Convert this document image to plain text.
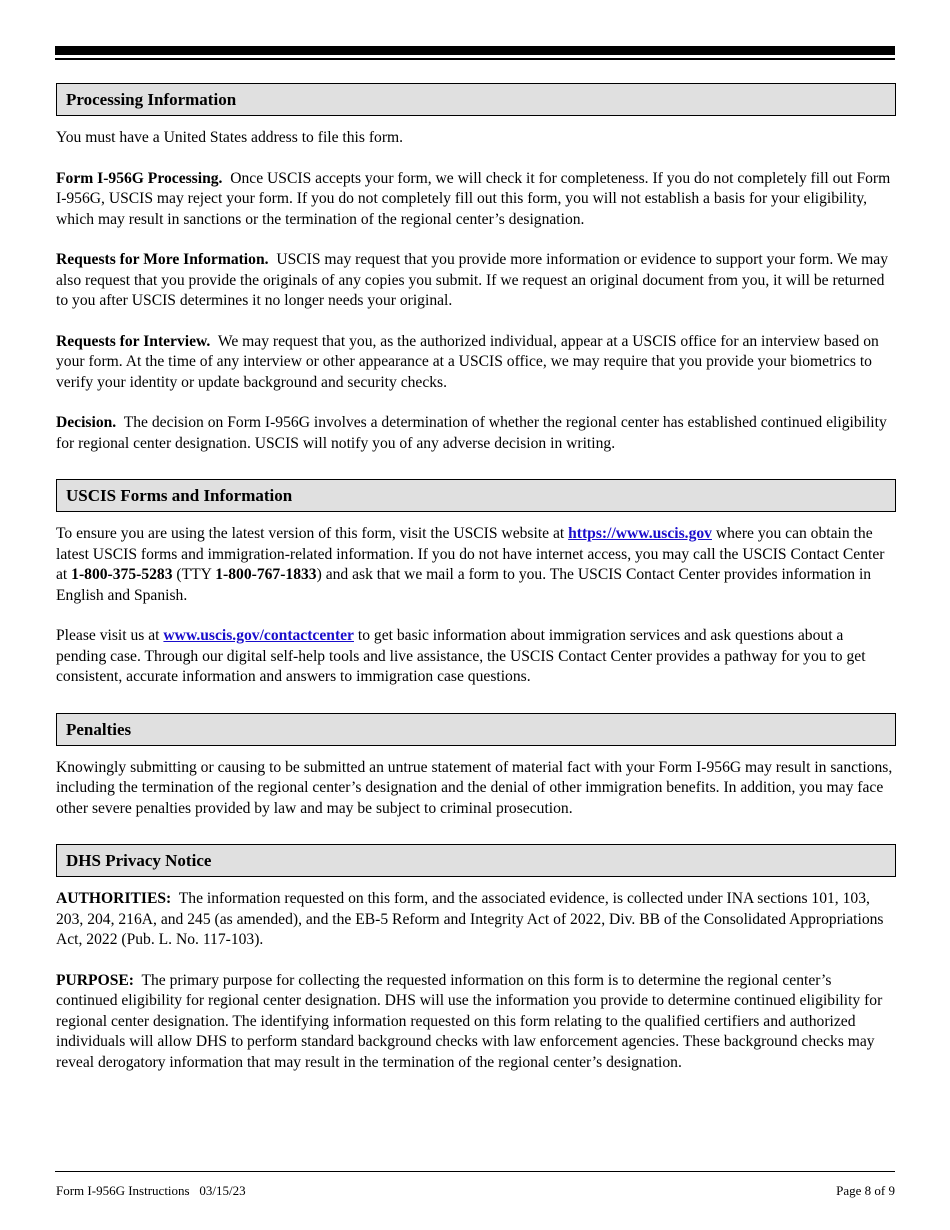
Processing Information

You must have a United States address to file this form.

Form I-956G Processing. Once USCIS accepts your form, we will check it for completeness. If you do not completely fill out Form I-956G, USCIS may reject your form. If you do not completely fill out this form, you will not establish a basis for your eligibility, which may result in sanctions or the termination of the regional center’s designation.

Requests for More Information. USCIS may request that you provide more information or evidence to support your form. We may also request that you provide the originals of any copies you submit. If we request an original document from you, it will be returned to you after USCIS determines it no longer needs your original.

Requests for Interview. We may request that you, as the authorized individual, appear at a USCIS office for an interview based on your form. At the time of any interview or other appearance at a USCIS office, we may require that you provide your biometrics to verify your identity or update background and security checks.

Decision. The decision on Form I-956G involves a determination of whether the regional center has established continued eligibility for regional center designation. USCIS will notify you of any adverse decision in writing.

USCIS Forms and Information

To ensure you are using the latest version of this form, visit the USCIS website at https://www.uscis.gov where you can obtain the latest USCIS forms and immigration-related information. If you do not have internet access, you may call the USCIS Contact Center at 1-800-375-5283 (TTY 1-800-767-1833) and ask that we mail a form to you. The USCIS Contact Center provides information in English and Spanish.

Please visit us at www.uscis.gov/contactcenter to get basic information about immigration services and ask questions about a pending case. Through our digital self-help tools and live assistance, the USCIS Contact Center provides a pathway for you to get consistent, accurate information and answers to immigration case questions.

Penalties

Knowingly submitting or causing to be submitted an untrue statement of material fact with your Form I-956G may result in sanctions, including the termination of the regional center’s designation and the denial of other immigration benefits. In addition, you may face other severe penalties provided by law and may be subject to criminal prosecution.

DHS Privacy Notice

AUTHORITIES: The information requested on this form, and the associated evidence, is collected under INA sections 101, 103, 203, 204, 216A, and 245 (as amended), and the EB-5 Reform and Integrity Act of 2022, Div. BB of the Consolidated Appropriations Act, 2022 (Pub. L. No. 117-103).

PURPOSE: The primary purpose for collecting the requested information on this form is to determine the regional center’s continued eligibility for regional center designation. DHS will use the information you provide to determine continued eligibility for regional center designation. The identifying information requested on this form relating to the qualified certifiers and authorized individuals will allow DHS to perform standard background checks with law enforcement agencies. These background checks may reveal derogatory information that may result in the termination of the regional center’s designation.

Form I-956G Instructions 03/15/23	Page 8 of 9
